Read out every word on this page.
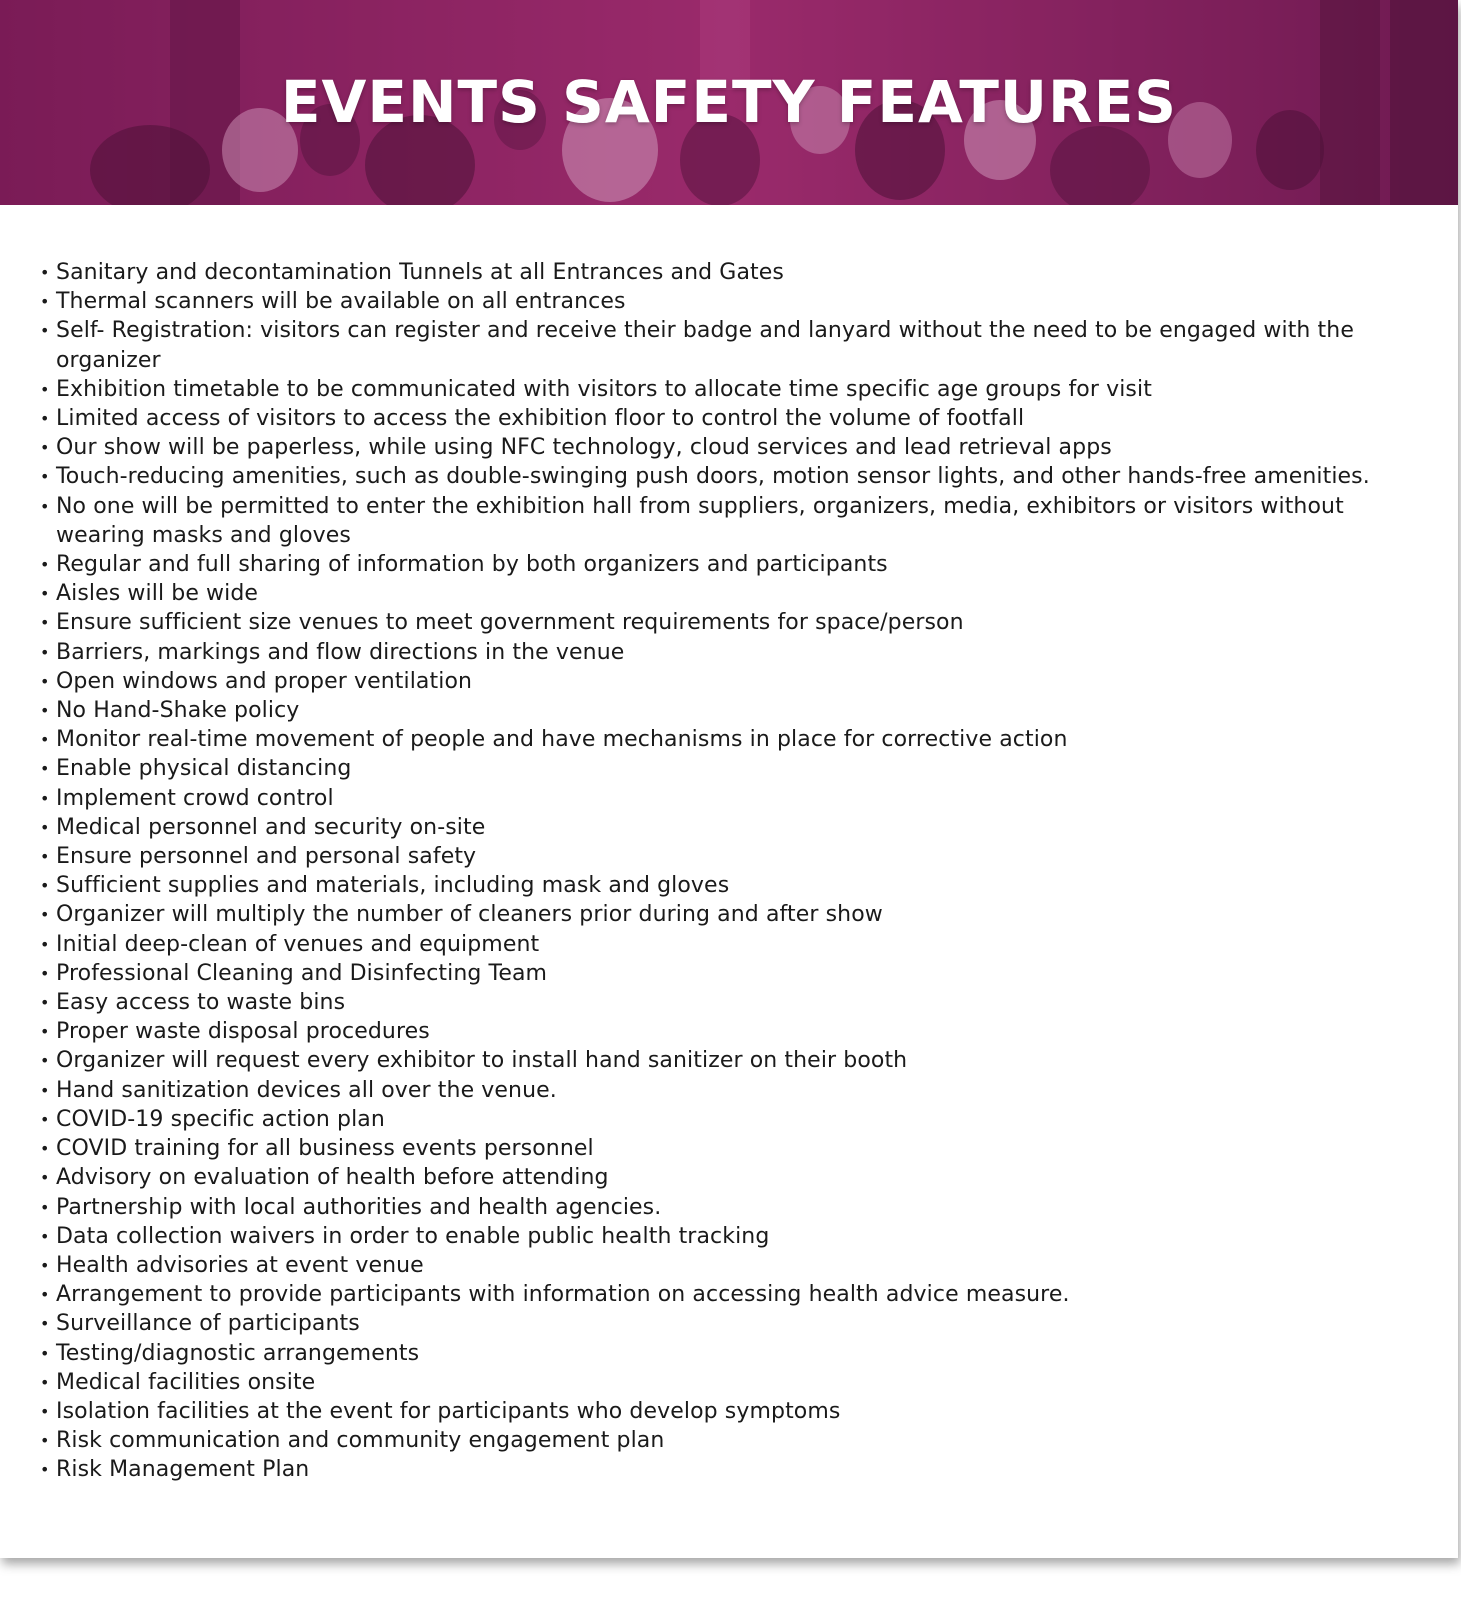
EVENTS SAFETY FEATURES
• Sanitary and decontamination Tunnels at all Entrances and Gates
• Thermal scanners will be available on all entrances
• Self- Registration: visitors can register and receive their badge and lanyard without the need to be engaged with the organizer
• Exhibition timetable to be communicated with visitors to allocate time specific age groups for visit
• Limited access of visitors to access the exhibition floor to control the volume of footfall
• Our show will be paperless, while using NFC technology, cloud services and lead retrieval apps
• Touch-reducing amenities, such as double-swinging push doors, motion sensor lights, and other hands-free amenities.
• No one will be permitted to enter the exhibition hall from suppliers, organizers, media, exhibitors or visitors without wearing masks and gloves
• Regular and full sharing of information by both organizers and participants
• Aisles will be wide
• Ensure sufficient size venues to meet government requirements for space/person
• Barriers, markings and flow directions in the venue
• Open windows and proper ventilation
• No Hand-Shake policy
• Monitor real-time movement of people and have mechanisms in place for corrective action
• Enable physical distancing
• Implement crowd control
• Medical personnel and security on-site
• Ensure personnel and personal safety
• Sufficient supplies and materials, including mask and gloves
• Organizer will multiply the number of cleaners prior during and after show
• Initial deep-clean of venues and equipment
• Professional Cleaning and Disinfecting Team
• Easy access to waste bins
• Proper waste disposal procedures
• Organizer will request every exhibitor to install hand sanitizer on their booth
• Hand sanitization devices all over the venue.
• COVID-19 specific action plan
• COVID training for all business events personnel
• Advisory on evaluation of health before attending
• Partnership with local authorities and health agencies.
• Data collection waivers in order to enable public health tracking
• Health advisories at event venue
• Arrangement to provide participants with information on accessing health advice measure.
• Surveillance of participants
• Testing/diagnostic arrangements
• Medical facilities onsite
• Isolation facilities at the event for participants who develop symptoms
• Risk communication and community engagement plan
• Risk Management Plan
